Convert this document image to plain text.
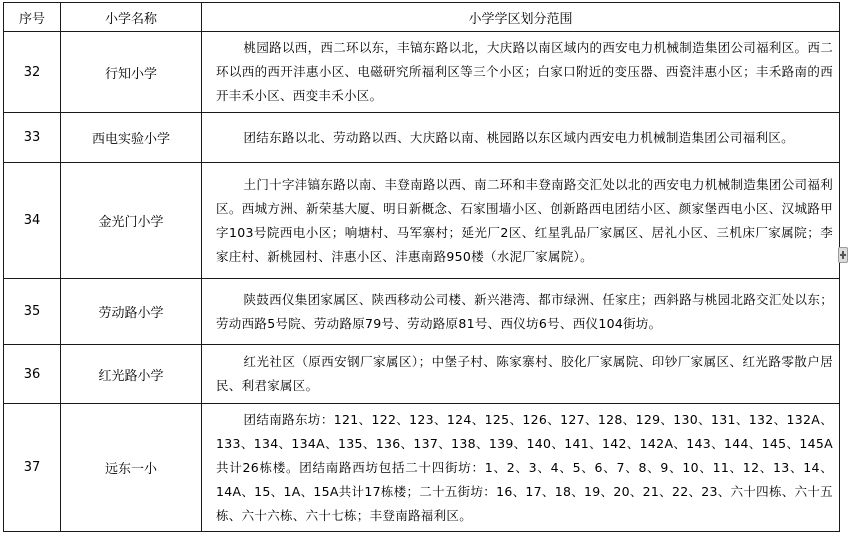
序号	小学名称	小学学区划分范围
32	行知小学	桃园路以西，西二环以东，丰镐东路以北，大庆路以南区域内的西安电力机械制造集团公司福利区。西二环以西的西开沣惠小区、电磁研究所福利区等三个小区；白家口附近的变压器、西瓷沣惠小区；丰禾路南的西开丰禾小区、西变丰禾小区。

33	西电实验小学	团结东路以北、劳动路以西、大庆路以南、桃园路以东区域内西安电力机械制造集团公司福利区。

34	金光门小学	土门十字沣镐东路以南、丰登南路以西、南二环和丰登南路交汇处以北的西安电力机械制造集团公司福利区。西城方洲、新荣基大厦、明日新概念、石家围墙小区、创新路西电团结小区、颜家堡西电小区、汉城路甲字103号院西电小区；响塘村、马军寨村；延光厂2区、红星乳品厂家属区、居礼小区、三机床厂家属院；李家庄村、新桃园村、沣惠小区、沣惠南路950楼（水泥厂家属院）。

35	劳动路小学	陕鼓西仪集团家属区、陕西移动公司楼、新兴港湾、都市绿洲、任家庄；西斜路与桃园北路交汇处以东；劳动西路5号院、劳动路原79号、劳动路原81号、西仪坊6号、西仪104街坊。

36	红光路小学	红光社区（原西安钢厂家属区）；中堡子村、陈家寨村、胶化厂家属院、印钞厂家属区、红光路零散户居民、利君家属区。

37	远东一小	团结南路东坊：121、122、123、124、125、126、127、128、129、130、131、132、132A、133、134、134A、135、136、137、138、139、140、141、142、142A、143、144、145、145A共计26栋楼。团结南路西坊包括二十四街坊：1、2、3、4、5、6、7、8、9、10、11、12、13、14、14A、15、1A、15A共计17栋楼；二十五街坊：16、17、18、19、20、21、22、23、六十四栋、六十五栋、六十六栋、六十七栋；丰登南路福利区。
